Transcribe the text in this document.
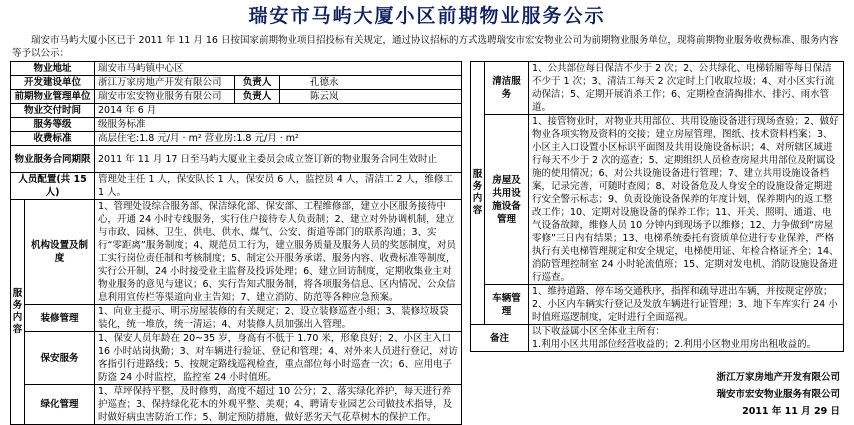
瑞安市马屿大厦小区前期物业服务公示
瑞安市马屿大厦小区已于 2011 年 11 月 16 日按国家前期物业项目招投标有关规定，通过协议招标的方式选聘瑞安市宏安物业公司为前期物业服务单位，现将前期物业服务收费标准、服务内容等予以公示：
物业地址		瑞安市马屿镇中心区		
开发建设单位		浙江万家房地产开发有限公司	负责人	孔德永
前期物业管理单位		瑞安市宏安物业服务有限公司	负责人	陈云岚
物业交付时间		2014 年 6 月		
服务等级		级服务标准		
收费标准		高层住宅:1.8 元/月 · m² 营业房:1.8 元/月 · m²		
物业服务合同期限		2011 年 11 月 17 日至马屿大厦业主委员会成立签订新的物业服务合同生效时止		
人员配置(共 15 人)		管理处主任 1 人，保安队长 1 人，保安员 6 人，监控员 4 人，清洁工 2 人，维修工 1 人。		
服务内容	机构设置及制度	1、管理处设综合服务部、保洁绿化部、保安部、工程维修部，建立小区服务接待中心，开通 24 小时专线服务，实行住户接待专人负责制；2、建立对外协调机制，建立与市政、园林、卫生、供电、供水、煤气、公安、街道等部门的联系沟通；3、实行“零距离”服务制度；4、规范员工行为，建立服务质量及服务人员的奖惩制度，对员工实行岗位责任制和考核制度；5、制定公开服务承诺、服务内容、收费标准等制度，实行公开制，24 小时接受业主监督及投诉处理；6、建立回访制度，定期收集业主对物业服务的意见与建议；6、实行告知式服务制，将各项服务信息、区内情况、公众信息利用宣传栏等渠道向业主告知；7、建立消防、防范等各种应急预案。		
	装修管理	1、向业主提示、明示房屋装修的有关规定；2、设立装修巡查小组；3、装修垃圾袋装化，统一堆放，统一清运；4、对装修人员加强出入管理。		
	保安服务	1、保安人员年龄在 20~35 岁，身高有不低于 1.70 米，形象良好；2、小区主入口 16 小时站岗执勤；3、对车辆进行验证、登记和管理；4、对外来人员进行登记，对访客指引行进路线；5、按规定路线巡视检查，重点部位每小时巡查一次；6、应用电子防盗 24 小时监控，监控室 24 小时值班。		
	绿化管理	1、草坪保持平整，及时修剪，高度不超过 10 公分；2、落实绿化养护，每天进行养护巡查；3、保持绿化花木的外观平整、美观；4、聘请专业园艺公司做技术指导，及时做好病虫害防治工作；5、制定预防措施，做好恶劣天气花草树木的保护工作。		
服务内容	清洁服务	1、公共部位每日保洁不少于 2 次；2、公共绿化、电梯轿厢等每日保洁不少于 1 次；3、清洁工每天 2 次定时上门收取垃圾；4、对小区实行流动保洁；5、定期开展消杀工作；6、定期检查清掏排水、排污、雨水管道。
	房屋及共用设施设备管理	1、接管物业时，对物业共用部位、共用设施设备进行现场查验；2、做好物业各项实物及资料的交接；建立房屋管理、图纸、技术资料档案；3、小区主入口设置小区标识平面图及共用设施设备标识；4、对所辖区域进行每天不少于 2 次的巡查；5、定期组织人员检查房屋共用部位及附属设施的使用情况；6、对公共设施设备进行管理；7、建立共用设施设备档案，记录完善，可随时查阅；8、对设备危及人身安全的设施设备定期进行安全警示标志；9、负责设施设备保养的年度计划，保养期内的返工整改工作；10、定期对设施设备的保养工作；11、开关、照明、通道、电气设备故障，维修人员 10 分钟内到现场予以维修；12、力争做到“房屋零修”三日内有结果；13、电梯系统委托有资质单位进行专业保养，严格执行有关电梯管理规定和安全规定，电梯使用证、年检合格证齐全；14、消防管理控制室 24 小时轮流值班；15、定期对发电机、消防设施设备进行巡查。
	车辆管理	1、维持道路、停车场交通秩序，指挥和疏导进出车辆，并按规定停放；2、小区内车辆实行登记及发放车辆进行证管理；3、地下车库实行 24 小时值班巡逻制度，定时进行全面巡视。
备注		以下收益属小区全体业主所有：
1.利用小区共用部位经营收益的；2.利用小区物业用房出租收益的。
浙江万家房地产开发有限公司
瑞安市宏安物业服务有限公司
2011 年 11 月 29 日
